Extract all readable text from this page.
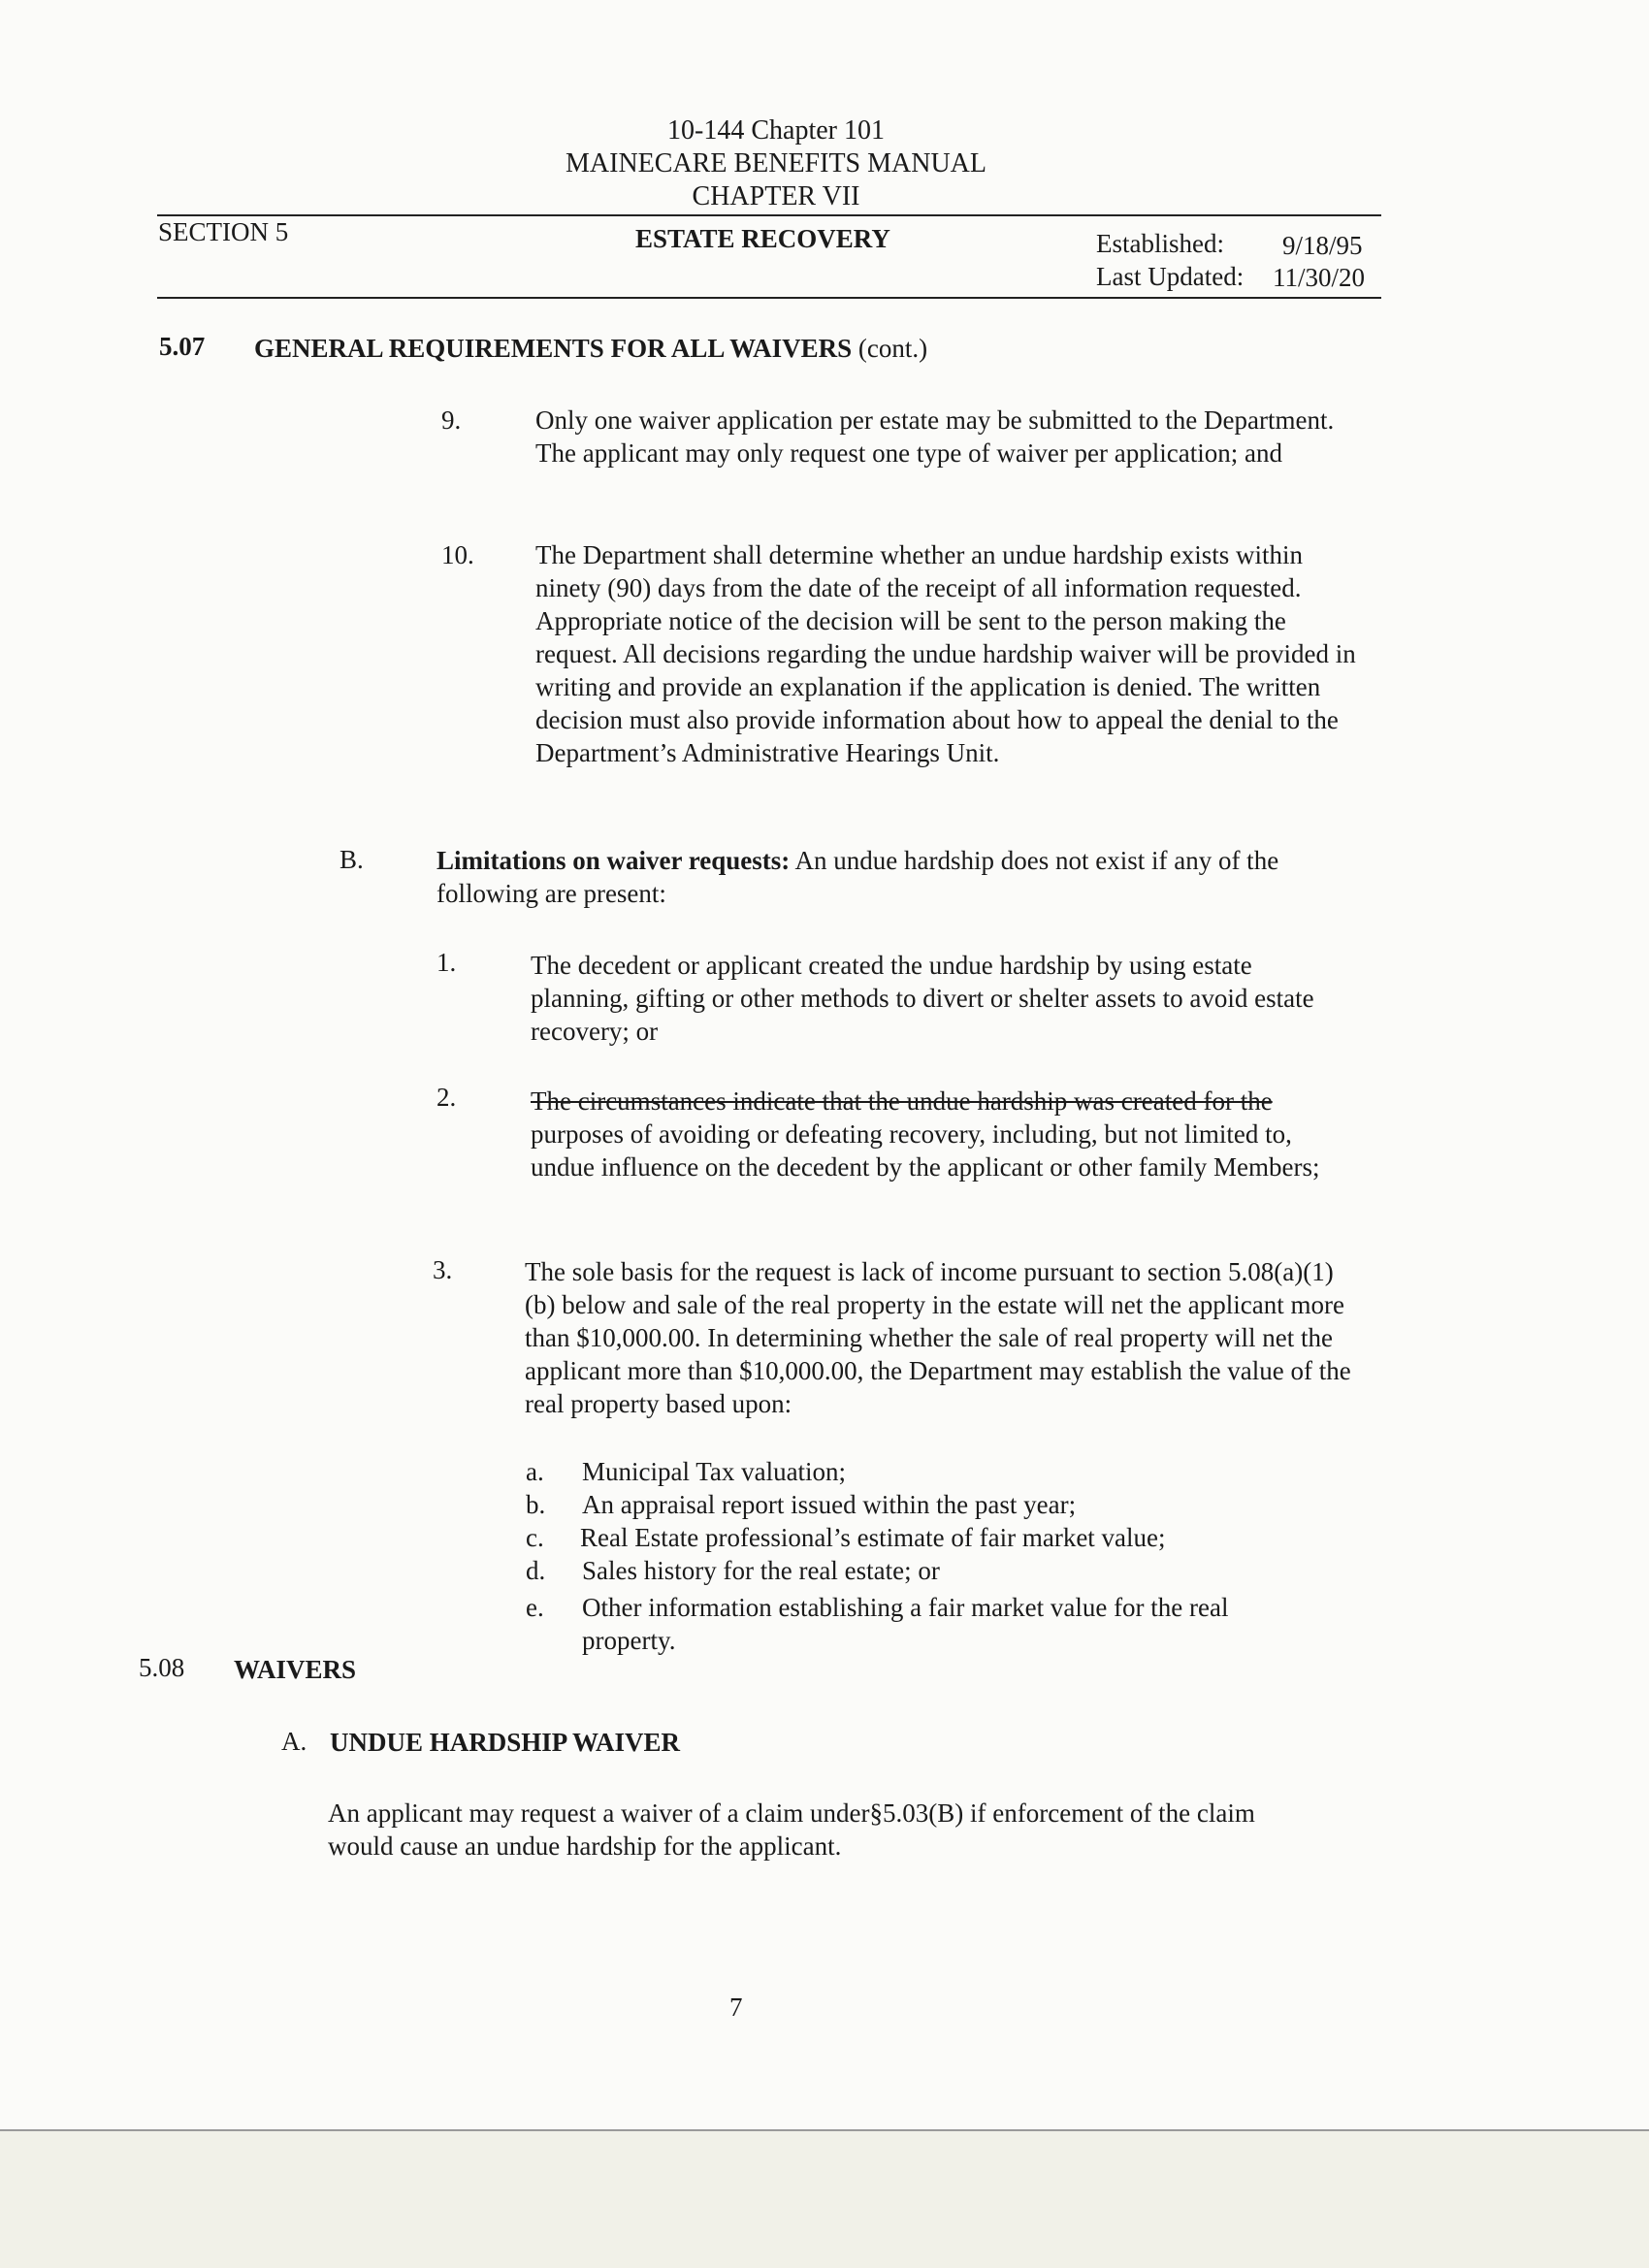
10-144 Chapter 101
MAINECARE BENEFITS MANUAL
CHAPTER VII
SECTION 5	ESTATE RECOVERY	Established: 9/18/95
Last Updated: 11/30/20
5.07 GENERAL REQUIREMENTS FOR ALL WAIVERS (cont.)
9.	Only one waiver application per estate may be submitted to the Department. The applicant may only request one type of waiver per application; and
10. The Department shall determine whether an undue hardship exists within ninety (90) days from the date of the receipt of all information requested. Appropriate notice of the decision will be sent to the person making the request. All decisions regarding the undue hardship waiver will be provided in writing and provide an explanation if the application is denied. The written decision must also provide information about how to appeal the denial to the Department’s Administrative Hearings Unit.
B.	Limitations on waiver requests: An undue hardship does not exist if any of the following are present:
1.	The decedent or applicant created the undue hardship by using estate planning, gifting or other methods to divert or shelter assets to avoid estate recovery; or
2.	The circumstances indicate that the undue hardship was created for the purposes of avoiding or defeating recovery, including, but not limited to, undue influence on the decedent by the applicant or other family Members;
3.	The sole basis for the request is lack of income pursuant to section 5.08(a)(1)(b) below and sale of the real property in the estate will net the applicant more than $10,000.00. In determining whether the sale of real property will net the applicant more than $10,000.00, the Department may establish the value of the real property based upon:
a. Municipal Tax valuation;
b. An appraisal report issued within the past year;
c. Real Estate professional’s estimate of fair market value;
d. Sales history for the real estate; or
e. Other information establishing a fair market value for the real property.
5.08 WAIVERS
A. UNDUE HARDSHIP WAIVER
An applicant may request a waiver of a claim under§5.03(B) if enforcement of the claim would cause an undue hardship for the applicant.
7
